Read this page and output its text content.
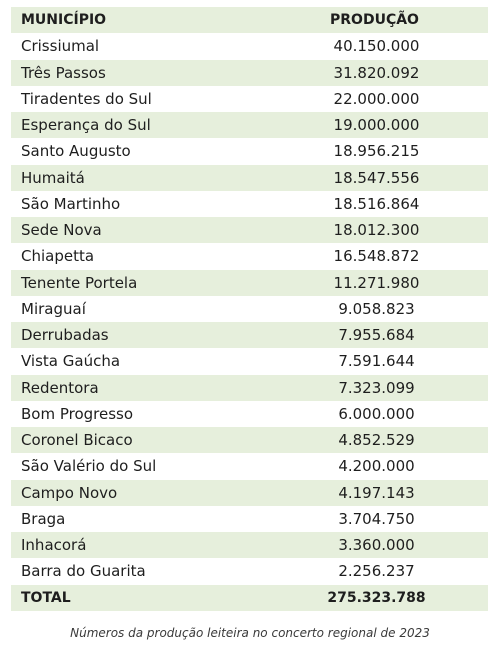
MUNICÍPIO	PRODUÇÃO
Crissiumal	40.150.000
Três Passos	31.820.092
Tiradentes do Sul	22.000.000
Esperança do Sul	19.000.000
Santo Augusto	18.956.215
Humaitá	18.547.556
São Martinho	18.516.864
Sede Nova	18.012.300
Chiapetta	16.548.872
Tenente Portela	11.271.980
Miraguaí	9.058.823
Derrubadas	7.955.684
Vista Gaúcha	7.591.644
Redentora	7.323.099
Bom Progresso	6.000.000
Coronel Bicaco	4.852.529
São Valério do Sul	4.200.000
Campo Novo	4.197.143
Braga	3.704.750
Inhacorá	3.360.000
Barra do Guarita	2.256.237
TOTAL	275.323.788
Números da produção leiteira no concerto regional de 2023
